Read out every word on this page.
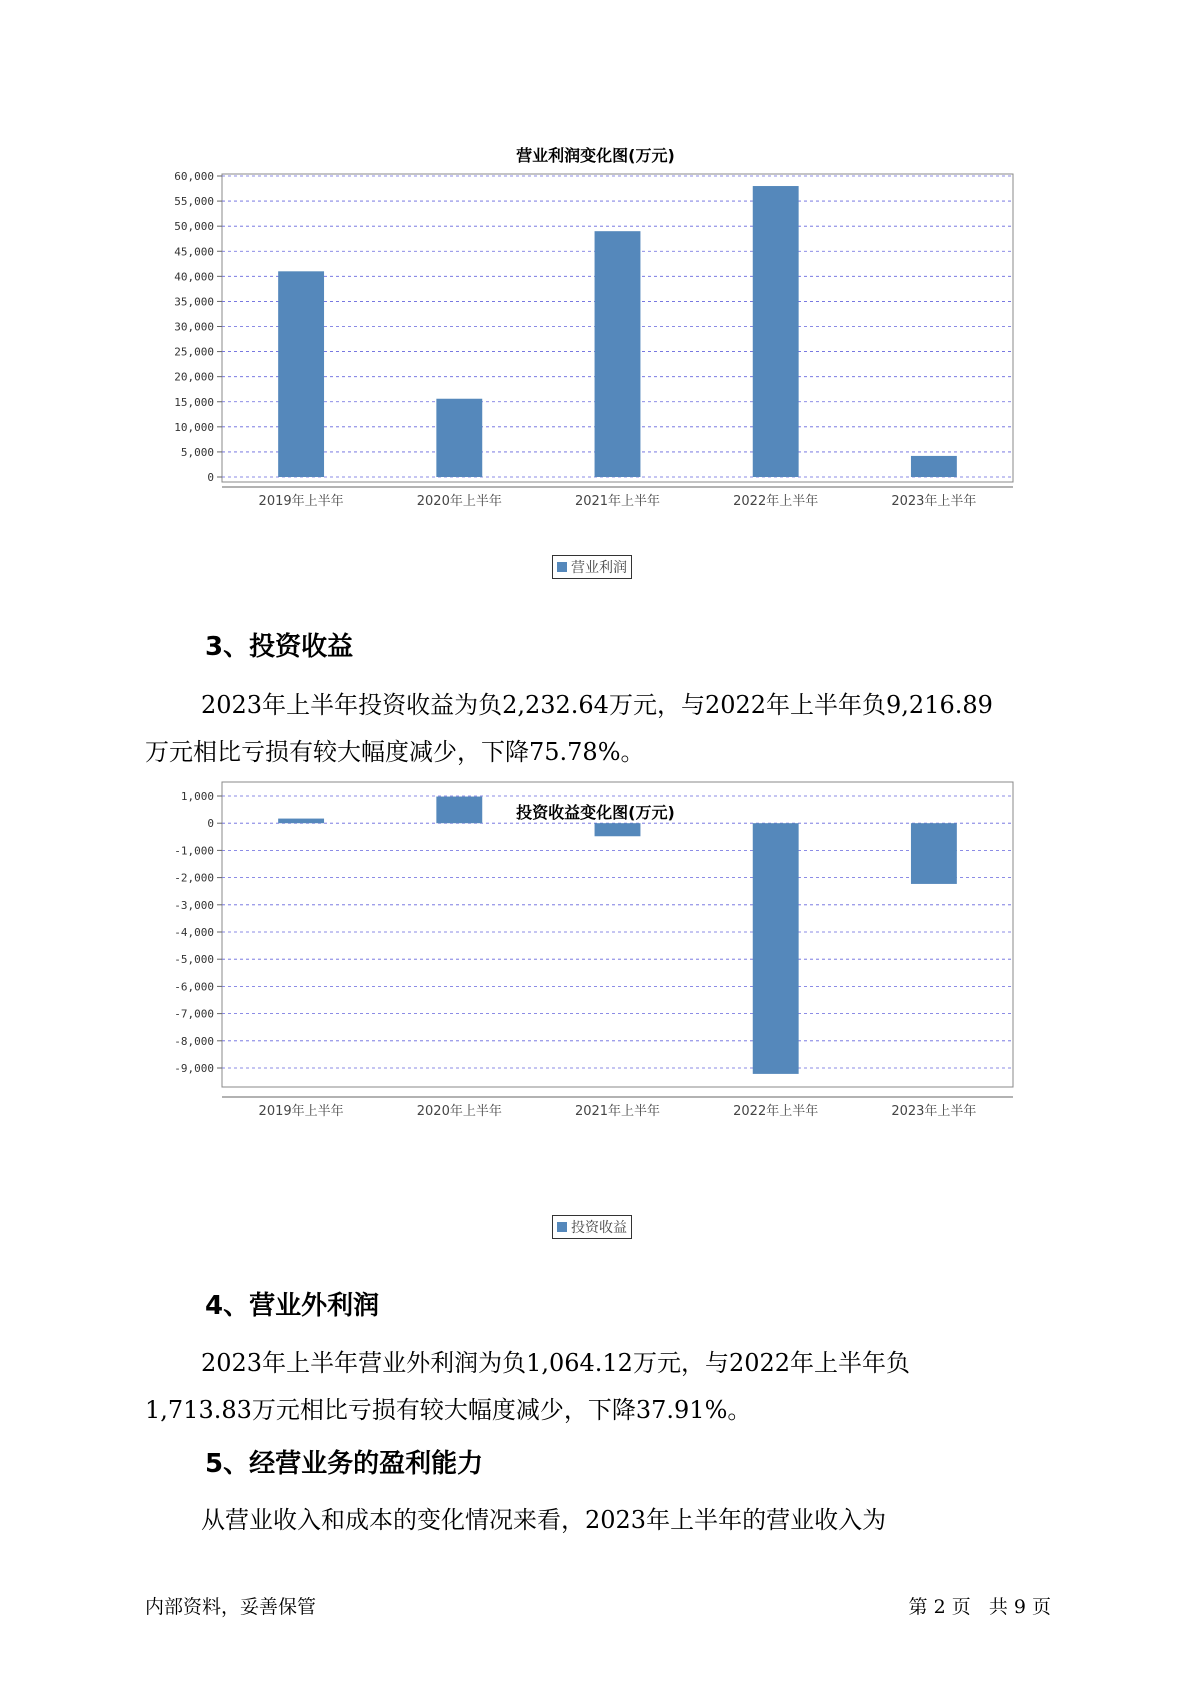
营业利润变化图(万元)
0
5,000
10,000
15,000
20,000
25,000
30,000
35,000
40,000
45,000
50,000
55,000
60,000
2019年上半年	2020年上半年	2021年上半年	2022年上半年	2023年上半年
营业利润
3、投资收益
2023年上半年投资收益为负2,232.64万元，与2022年上半年负9,216.89
万元相比亏损有较大幅度减少，下降75.78%。
投资收益变化图(万元)
1,000
0
-1,000
-2,000
-3,000
-4,000
-5,000
-6,000
-7,000
-8,000
-9,000
2019年上半年	2020年上半年	2021年上半年	2022年上半年	2023年上半年
投资收益
4、营业外利润
2023年上半年营业外利润为负1,064.12万元，与2022年上半年负
1,713.83万元相比亏损有较大幅度减少，下降37.91%。
5、经营业务的盈利能力
从营业收入和成本的变化情况来看，2023年上半年的营业收入为
内部资料，妥善保管	第 2 页   共 9 页
